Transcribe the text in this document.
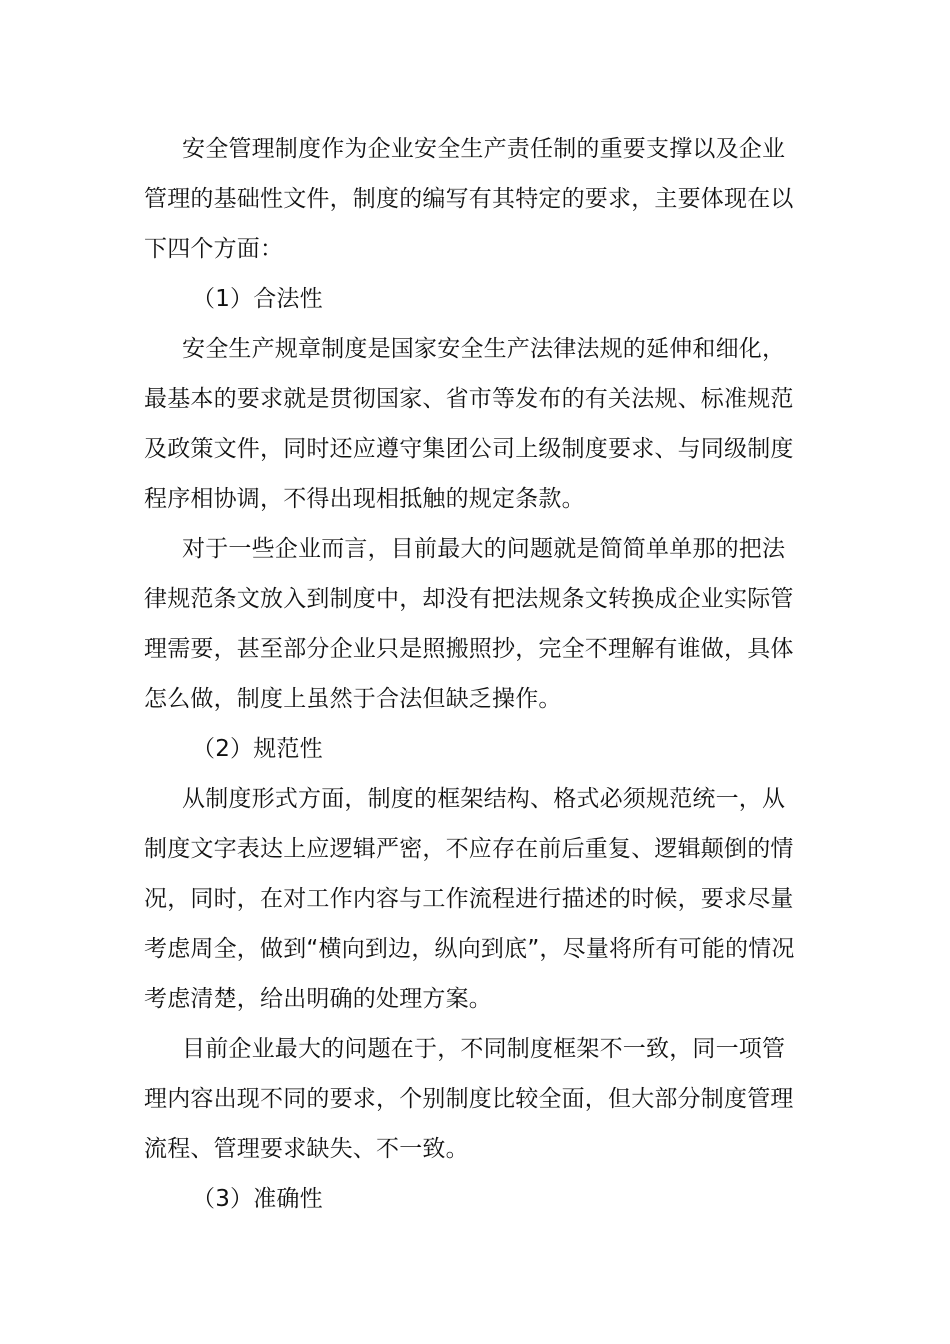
安全管理制度作为企业安全生产责任制的重要支撑以及企业
管理的基础性文件，制度的编写有其特定的要求，主要体现在以
下四个方面：
（1）合法性
安全生产规章制度是国家安全生产法律法规的延伸和细化，
最基本的要求就是贯彻国家、省市等发布的有关法规、标准规范
及政策文件，同时还应遵守集团公司上级制度要求、与同级制度
程序相协调，不得出现相抵触的规定条款。
对于一些企业而言，目前最大的问题就是简简单单那的把法
律规范条文放入到制度中，却没有把法规条文转换成企业实际管
理需要，甚至部分企业只是照搬照抄，完全不理解有谁做，具体
怎么做，制度上虽然于合法但缺乏操作。
（2）规范性
从制度形式方面，制度的框架结构、格式必须规范统一，从
制度文字表达上应逻辑严密，不应存在前后重复、逻辑颠倒的情
况，同时，在对工作内容与工作流程进行描述的时候，要求尽量
考虑周全，做到“横向到边，纵向到底”，尽量将所有可能的情况
考虑清楚，给出明确的处理方案。
目前企业最大的问题在于，不同制度框架不一致，同一项管
理内容出现不同的要求，个别制度比较全面，但大部分制度管理
流程、管理要求缺失、不一致。
（3）准确性
